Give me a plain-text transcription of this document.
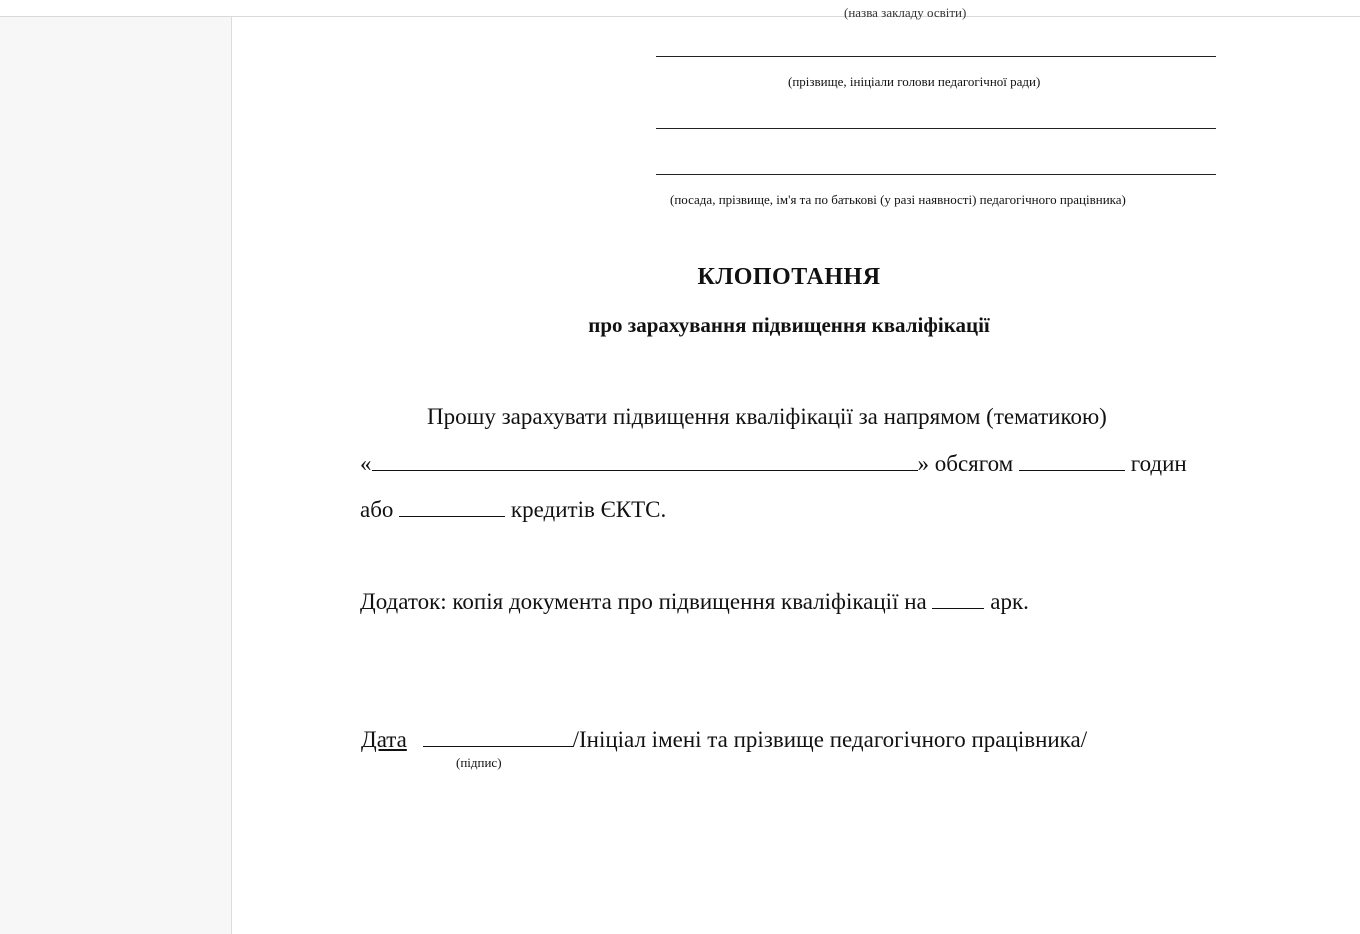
(назва закладу освіти)
(прізвище, ініціали голови педагогічної ради)
(посада, прізвище, ім'я та по батькові (у разі наявності) педагогічного працівника)
КЛОПОТАННЯ
про зарахування підвищення кваліфікації
Прошу зарахувати підвищення кваліфікації за напрямом (тематикою)
«	» обсягом	годин
або	кредитів ЄКТС.
Додаток: копія документа про підвищення кваліфікації на	арк.
Дата	/Ініціал імені та прізвище педагогічного працівника/
(підпис)
